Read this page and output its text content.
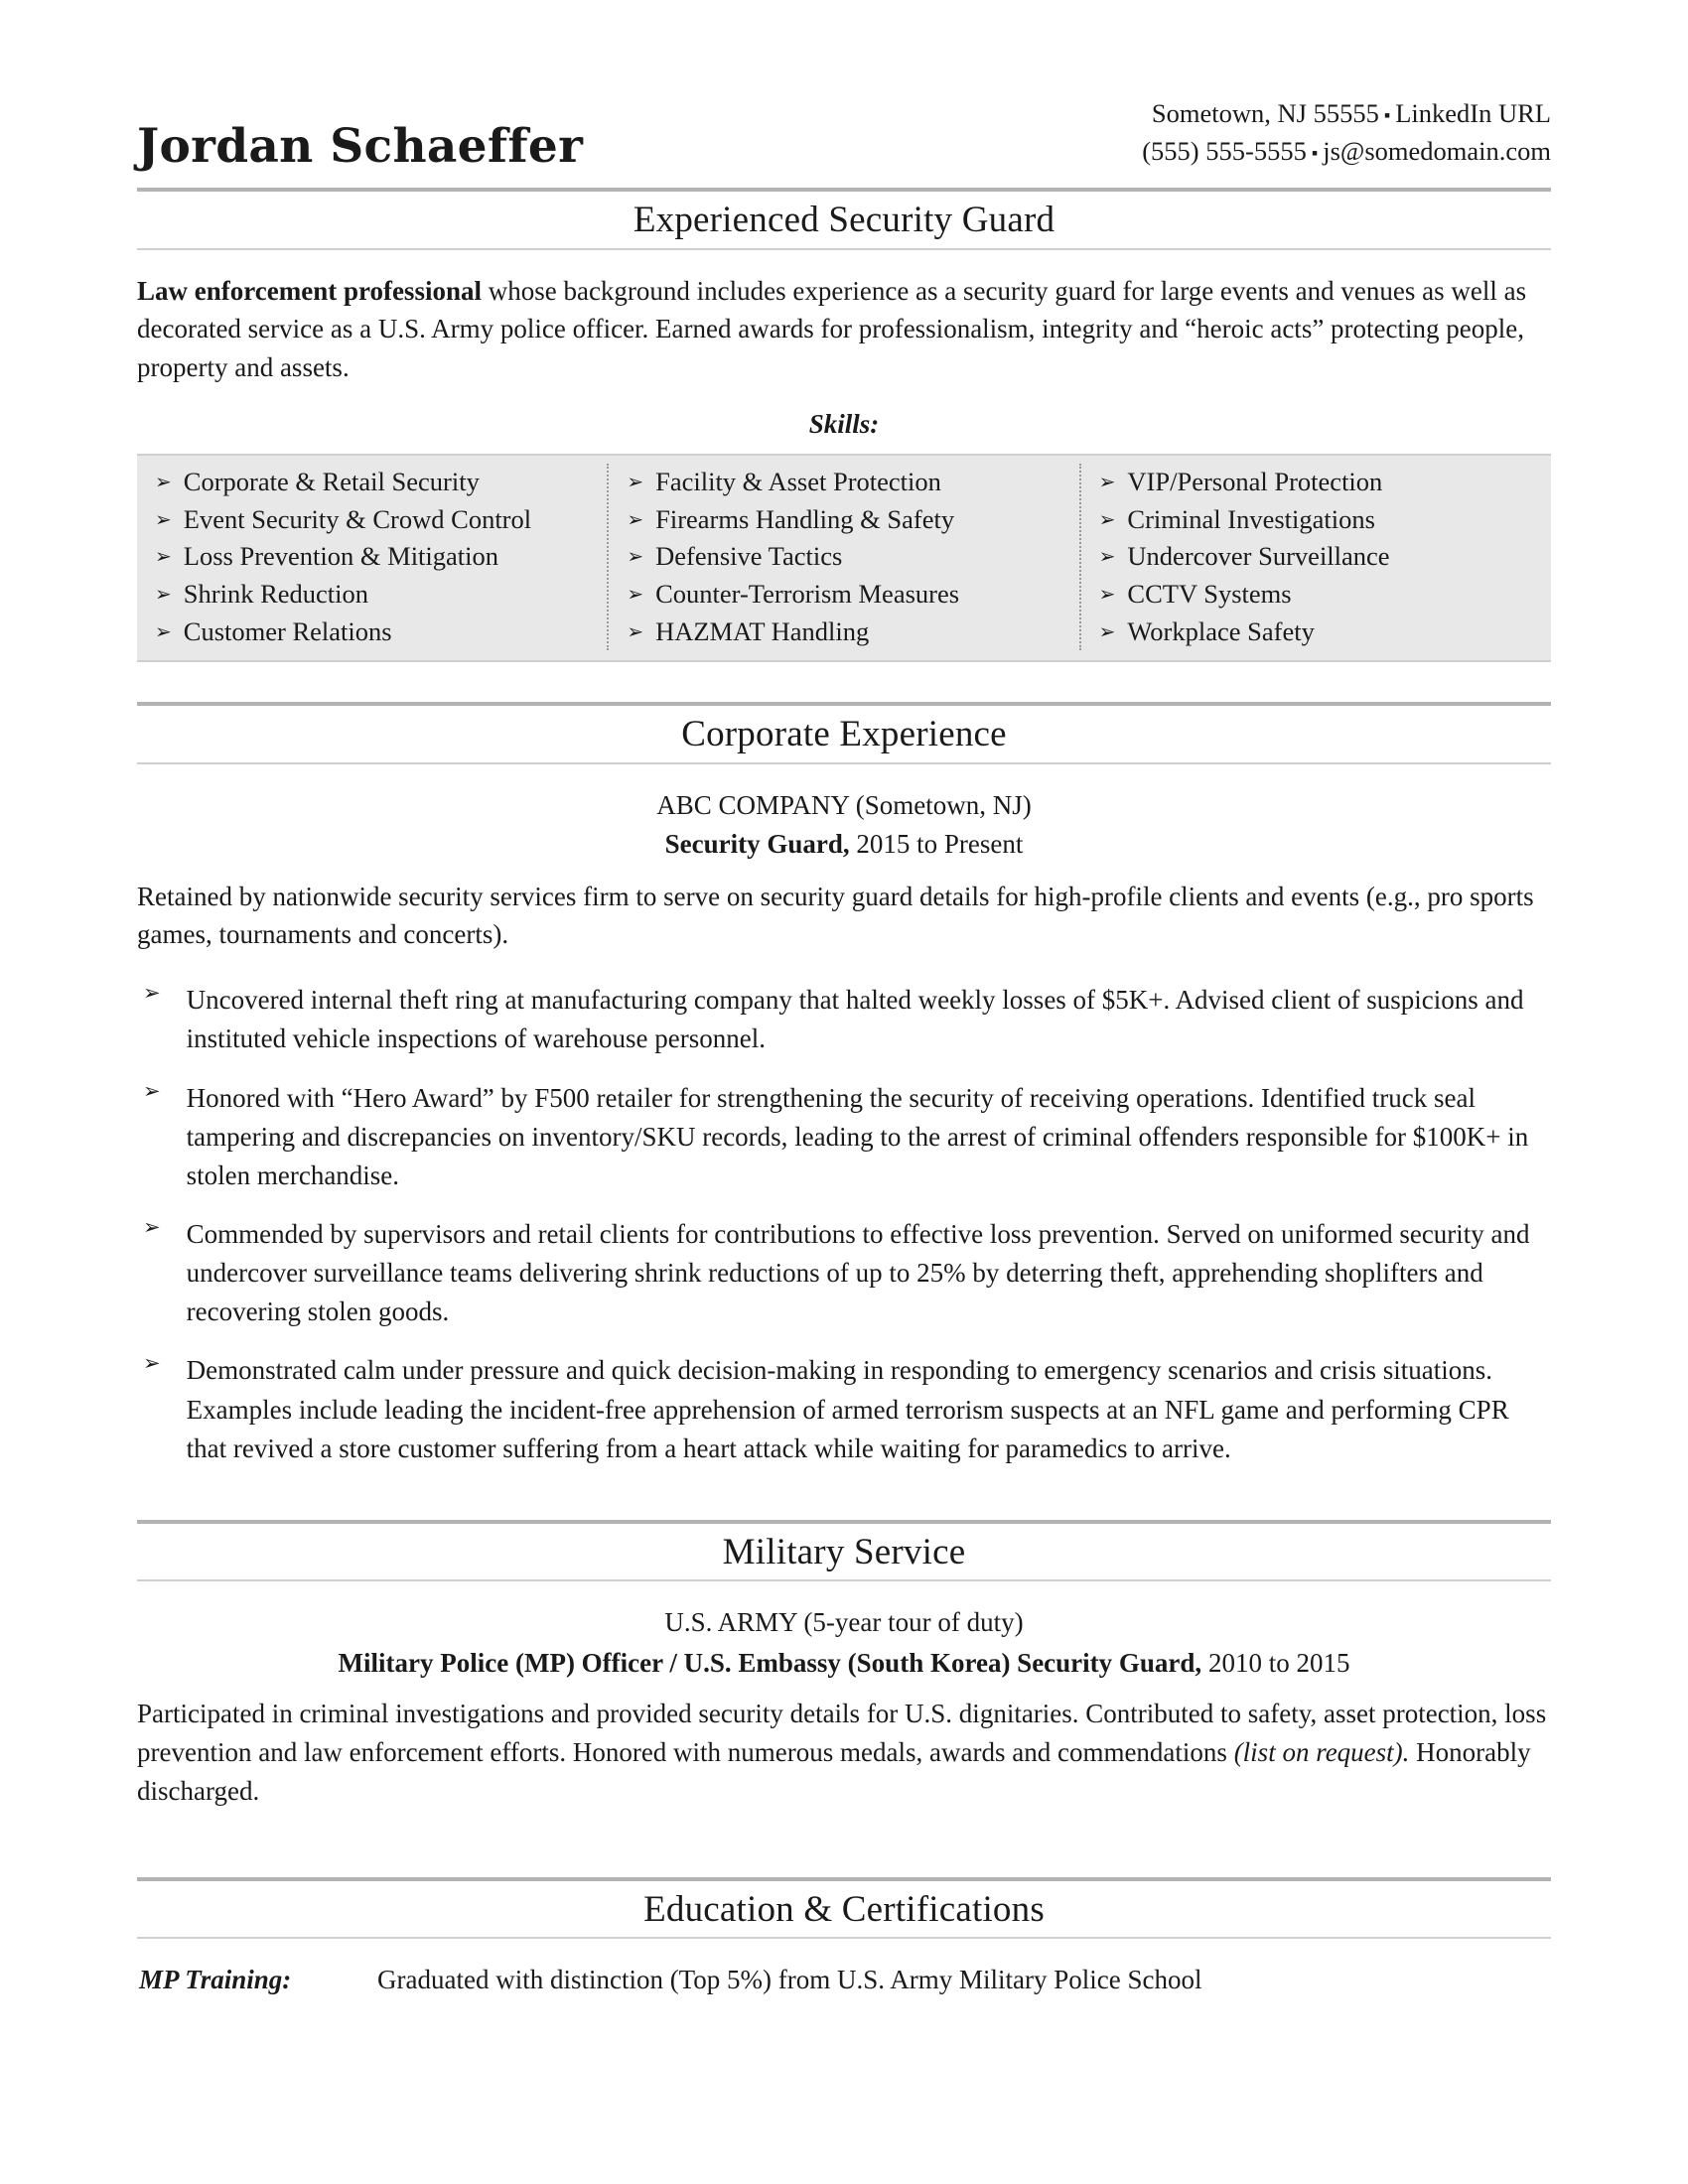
Jordan Schaeffer
Sometown, NJ 55555 ▪ LinkedIn URL
(555) 555-5555 ▪ js@somedomain.com
Experienced Security Guard

Law enforcement professional whose background includes experience as a security guard for large events and venues as well as decorated service as a U.S. Army police officer. Earned awards for professionalism, integrity and “heroic acts” protecting people, property and assets.

Skills:
➢ Corporate & Retail Security
➢ Event Security & Crowd Control
➢ Loss Prevention & Mitigation
➢ Shrink Reduction
➢ Customer Relations
➢ Facility & Asset Protection
➢ Firearms Handling & Safety
➢ Defensive Tactics
➢ Counter-Terrorism Measures
➢ HAZMAT Handling
➢ VIP/Personal Protection
➢ Criminal Investigations
➢ Undercover Surveillance
➢ CCTV Systems
➢ Workplace Safety
Corporate Experience
ABC COMPANY (Sometown, NJ)
Security Guard, 2015 to Present

Retained by nationwide security services firm to serve on security guard details for high-profile clients and events (e.g., pro sports games, tournaments and concerts).

➢ Uncovered internal theft ring at manufacturing company that halted weekly losses of $5K+. Advised client of suspicions and instituted vehicle inspections of warehouse personnel.
➢ Honored with “Hero Award” by F500 retailer for strengthening the security of receiving operations. Identified truck seal tampering and discrepancies on inventory/SKU records, leading to the arrest of criminal offenders responsible for $100K+ in stolen merchandise.
➢ Commended by supervisors and retail clients for contributions to effective loss prevention. Served on uniformed security and undercover surveillance teams delivering shrink reductions of up to 25% by deterring theft, apprehending shoplifters and recovering stolen goods.
➢ Demonstrated calm under pressure and quick decision-making in responding to emergency scenarios and crisis situations. Examples include leading the incident-free apprehension of armed terrorism suspects at an NFL game and performing CPR that revived a store customer suffering from a heart attack while waiting for paramedics to arrive.
Military Service
U.S. ARMY (5-year tour of duty)
Military Police (MP) Officer / U.S. Embassy (South Korea) Security Guard, 2010 to 2015

Participated in criminal investigations and provided security details for U.S. dignitaries. Contributed to safety, asset protection, loss prevention and law enforcement efforts. Honored with numerous medals, awards and commendations (list on request). Honorably discharged.

Education & Certifications
MP Training:	Graduated with distinction (Top 5%) from U.S. Army Military Police School
